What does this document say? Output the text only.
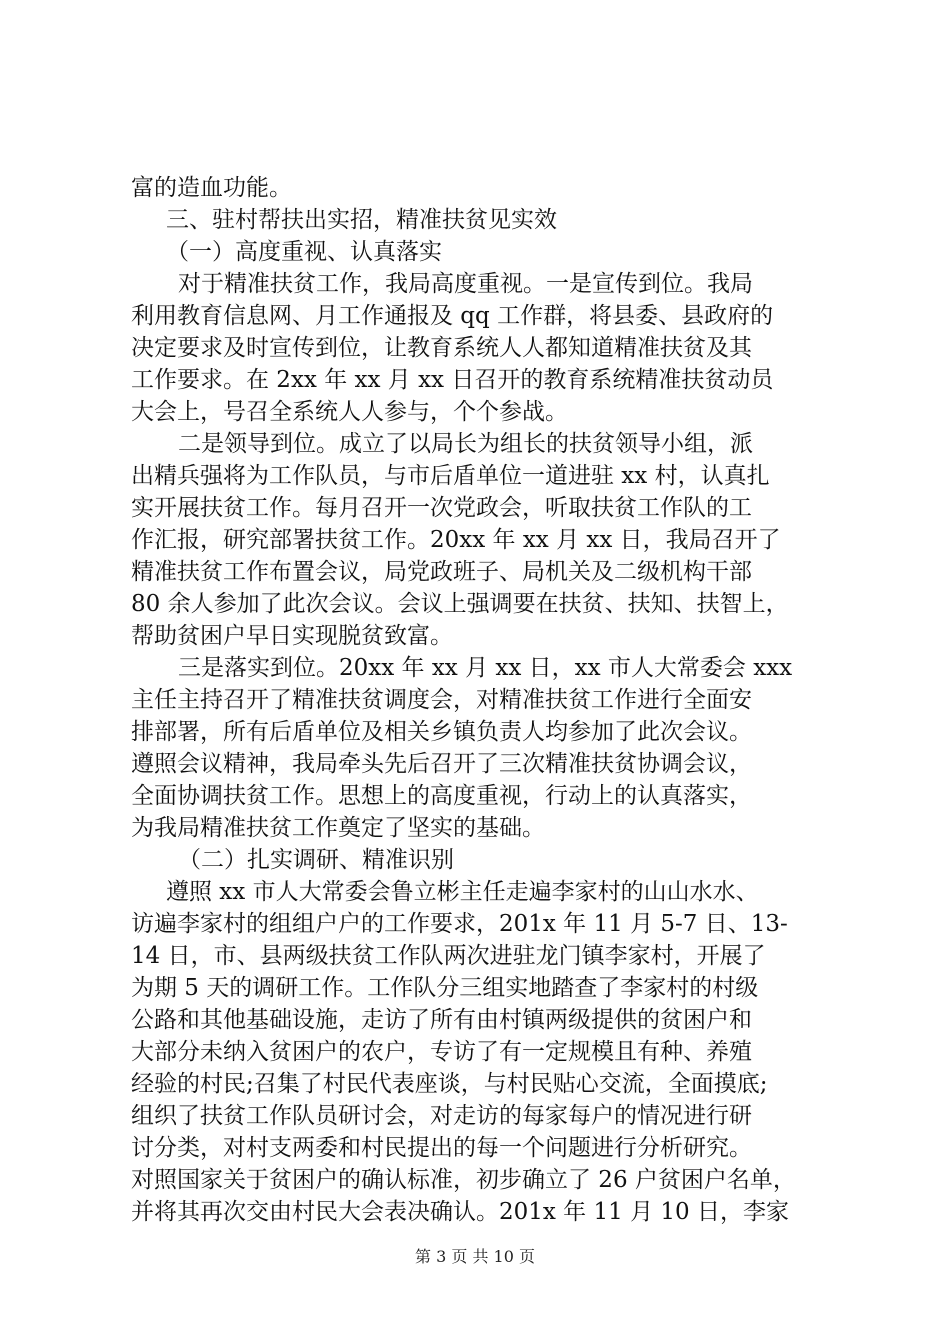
富的造血功能。
三、驻村帮扶出实招，精准扶贫见实效
（一）高度重视、认真落实
对于精准扶贫工作，我局高度重视。一是宣传到位。我局
利用教育信息网、月工作通报及 qq 工作群，将县委、县政府的
决定要求及时宣传到位，让教育系统人人都知道精准扶贫及其
工作要求。在 2xx 年 xx 月 xx 日召开的教育系统精准扶贫动员
大会上，号召全系统人人参与，个个参战。
二是领导到位。成立了以局长为组长的扶贫领导小组，派
出精兵强将为工作队员，与市后盾单位一道进驻 xx 村，认真扎
实开展扶贫工作。每月召开一次党政会，听取扶贫工作队的工
作汇报，研究部署扶贫工作。20xx 年 xx 月 xx 日，我局召开了
精准扶贫工作布置会议，局党政班子、局机关及二级机构干部
80 余人参加了此次会议。会议上强调要在扶贫、扶知、扶智上，
帮助贫困户早日实现脱贫致富。
三是落实到位。20xx 年 xx 月 xx 日，xx 市人大常委会 xxx
主任主持召开了精准扶贫调度会，对精准扶贫工作进行全面安
排部署，所有后盾单位及相关乡镇负责人均参加了此次会议。
遵照会议精神，我局牵头先后召开了三次精准扶贫协调会议，
全面协调扶贫工作。思想上的高度重视，行动上的认真落实，
为我局精准扶贫工作奠定了坚实的基础。
（二）扎实调研、精准识别
遵照 xx 市人大常委会鲁立彬主任走遍李家村的山山水水、
访遍李家村的组组户户的工作要求，201x 年 11 月 5-7 日、13-
14 日，市、县两级扶贫工作队两次进驻龙门镇李家村，开展了
为期 5 天的调研工作。工作队分三组实地踏查了李家村的村级
公路和其他基础设施，走访了所有由村镇两级提供的贫困户和
大部分未纳入贫困户的农户，专访了有一定规模且有种、养殖
经验的村民;召集了村民代表座谈，与村民贴心交流，全面摸底;
组织了扶贫工作队员研讨会，对走访的每家每户的情况进行研
讨分类，对村支两委和村民提出的每一个问题进行分析研究。
对照国家关于贫困户的确认标准，初步确立了 26 户贫困户名单，
并将其再次交由村民大会表决确认。201x 年 11 月 10 日，李家
第 3 页 共 10 页
